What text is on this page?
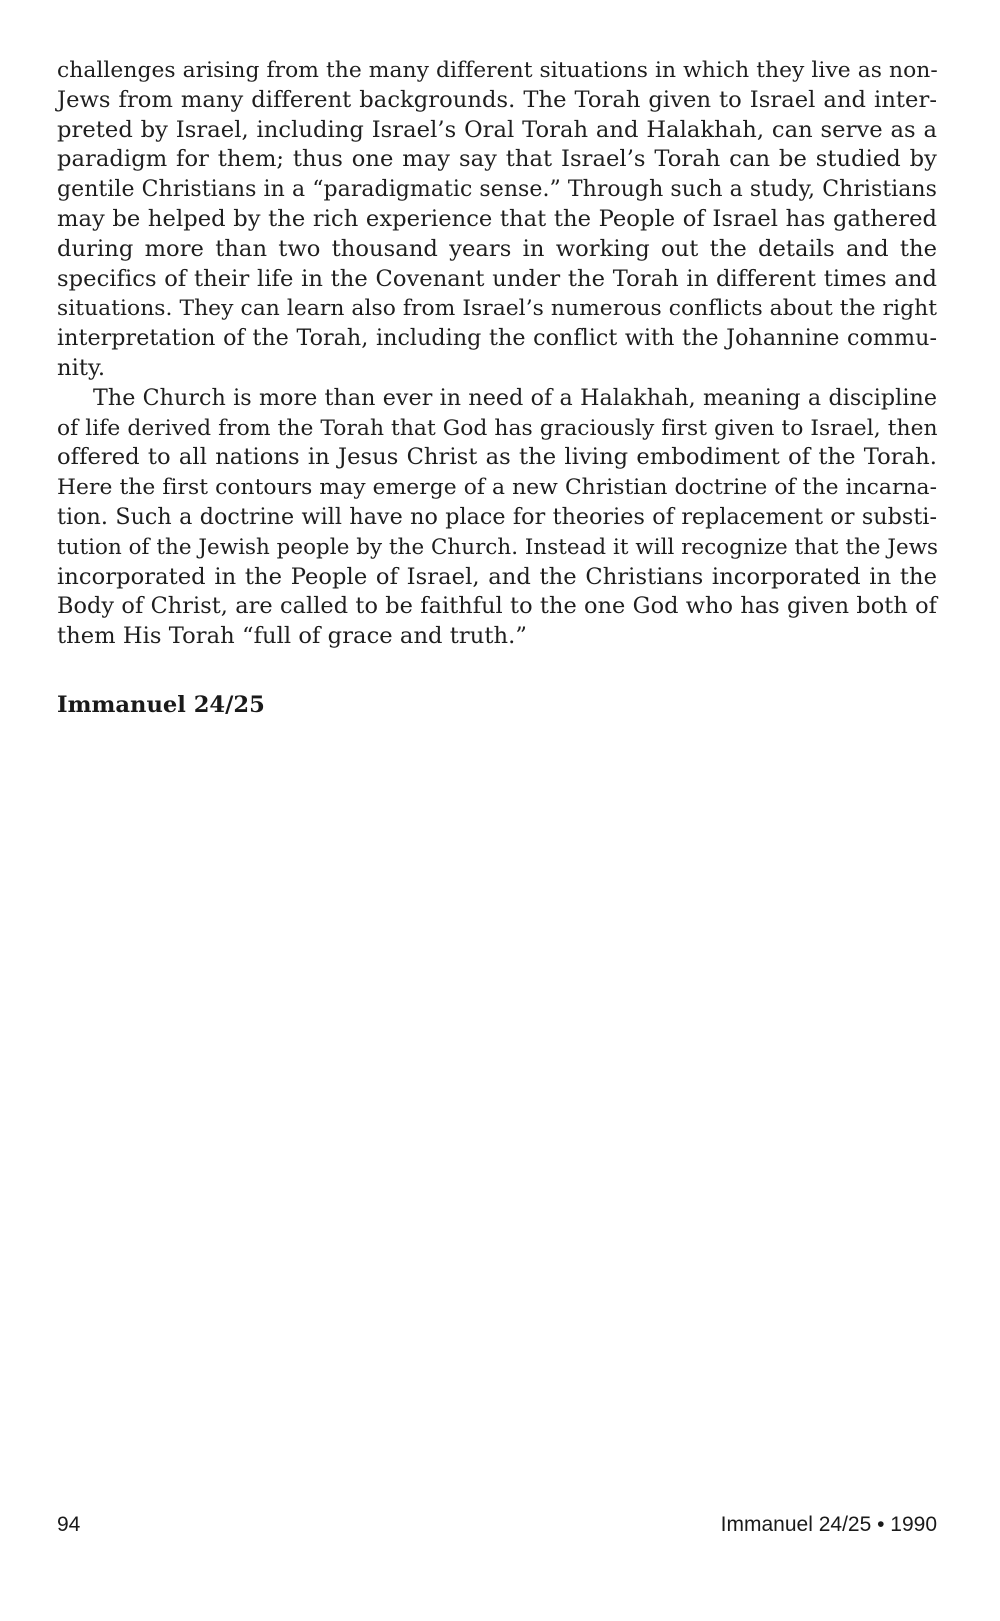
challenges arising from the many different situations in which they live as non-
Jews from many different backgrounds. The Torah given to Israel and inter-
preted by Israel, including Israel’s Oral Torah and Halakhah, can serve as a
paradigm for them; thus one may say that Israel’s Torah can be studied by
gentile Christians in a “paradigmatic sense.” Through such a study, Christians
may be helped by the rich experience that the People of Israel has gathered
during more than two thousand years in working out the details and the
specifics of their life in the Covenant under the Torah in different times and
situations. They can learn also from Israel’s numerous conflicts about the right
interpretation of the Torah, including the conflict with the Johannine commu-
nity.
The Church is more than ever in need of a Halakhah, meaning a discipline
of life derived from the Torah that God has graciously first given to Israel, then
offered to all nations in Jesus Christ as the living embodiment of the Torah.
Here the first contours may emerge of a new Christian doctrine of the incarna-
tion. Such a doctrine will have no place for theories of replacement or substi-
tution of the Jewish people by the Church. Instead it will recognize that the Jews
incorporated in the People of Israel, and the Christians incorporated in the
Body of Christ, are called to be faithful to the one God who has given both of
them His Torah “full of grace and truth.”
Immanuel 24/25
94	Immanuel 24/25 • 1990
